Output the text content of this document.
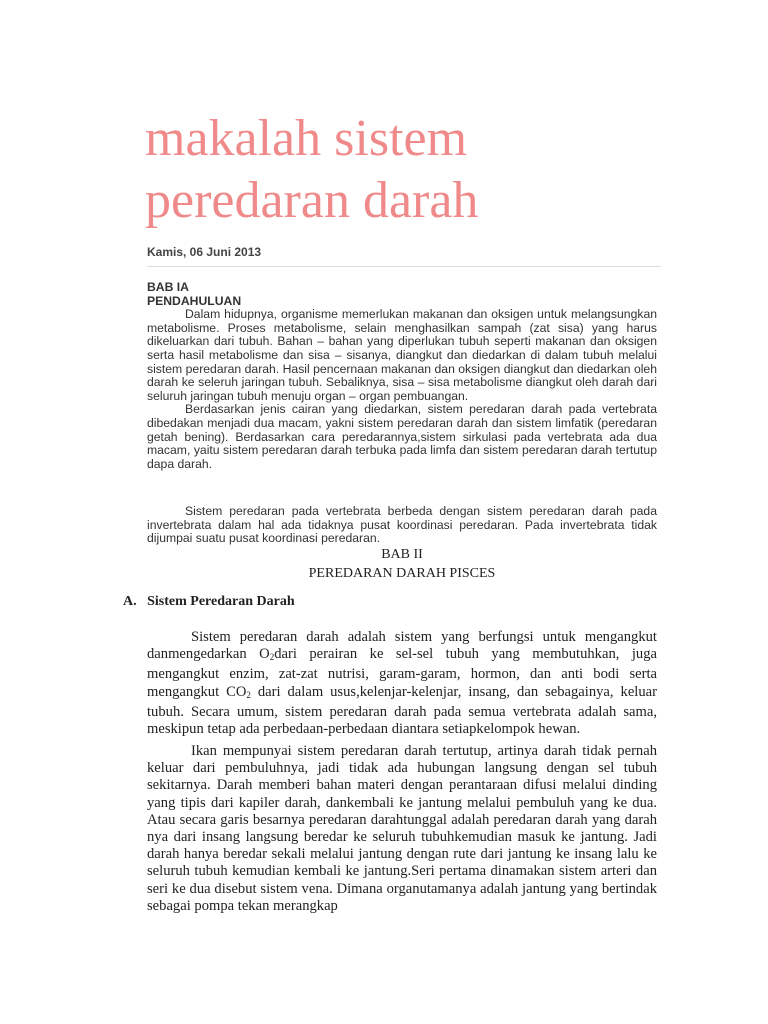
makalah sistem
peredaran darah
Kamis, 06 Juni 2013

BAB IA

PENDAHULUAN

Dalam hidupnya, organisme memerlukan makanan dan oksigen untuk melangsungkan metabolisme. Proses metabolisme, selain menghasilkan sampah (zat sisa) yang harus dikeluarkan dari tubuh. Bahan – bahan yang diperlukan tubuh seperti makanan dan oksigen serta hasil metabolisme dan sisa – sisanya, diangkut dan diedarkan di dalam tubuh melalui sistem peredaran darah. Hasil pencernaan makanan dan oksigen diangkut dan diedarkan oleh darah ke seleruh jaringan tubuh. Sebaliknya, sisa – sisa metabolisme diangkut oleh darah dari seluruh jaringan tubuh menuju organ – organ pembuangan.

Berdasarkan jenis cairan yang diedarkan, sistem peredaran darah pada vertebrata dibedakan menjadi dua macam, yakni sistem peredaran darah dan sistem limfatik (peredaran getah bening). Berdasarkan cara peredarannya,sistem sirkulasi pada vertebrata ada dua macam, yaitu sistem peredaran darah terbuka pada limfa dan sistem peredaran darah tertutup dapa darah.

Sistem peredaran pada vertebrata berbeda dengan sistem peredaran darah pada invertebrata dalam hal ada tidaknya pusat koordinasi peredaran. Pada invertebrata tidak dijumpai suatu pusat koordinasi peredaran.

BAB II
PEREDARAN DARAH PISCES
A.   Sistem Peredaran Darah

Sistem peredaran darah adalah sistem yang berfungsi untuk mengangkut danmengedarkan $O_2dari$ perairan ke sel-sel tubuh yang membutuhkan, juga mengangkut enzim, zat-zat nutrisi, garam-garam, hormon, dan anti bodi serta mengangkut $CO_2$ dari dalam usus,kelenjar-kelenjar, insang, dan sebagainya, keluar tubuh. Secara umum, sistem peredaran darah pada semua vertebrata adalah sama, meskipun tetap ada perbedaan-perbedaan diantara setiapkelompok hewan.

Ikan mempunyai sistem peredaran darah tertutup, artinya darah tidak pernah keluar dari pembuluhnya, jadi tidak ada hubungan langsung dengan sel tubuh sekitarnya. Darah memberi bahan materi dengan perantaraan difusi melalui dinding yang tipis dari kapiler darah, dankembali ke jantung melalui pembuluh yang ke dua. Atau secara garis besarnya peredaran darahtunggal adalah peredaran darah yang darah nya dari insang langsung beredar ke seluruh tubuhkemudian masuk ke jantung. Jadi darah hanya beredar sekali melalui jantung dengan rute dari jantung ke insang lalu ke seluruh tubuh kemudian kembali ke jantung.Seri pertama dinamakan sistem arteri dan seri ke dua disebut sistem vena. Dimana organutamanya adalah jantung yang bertindak sebagai pompa tekan merangkap
